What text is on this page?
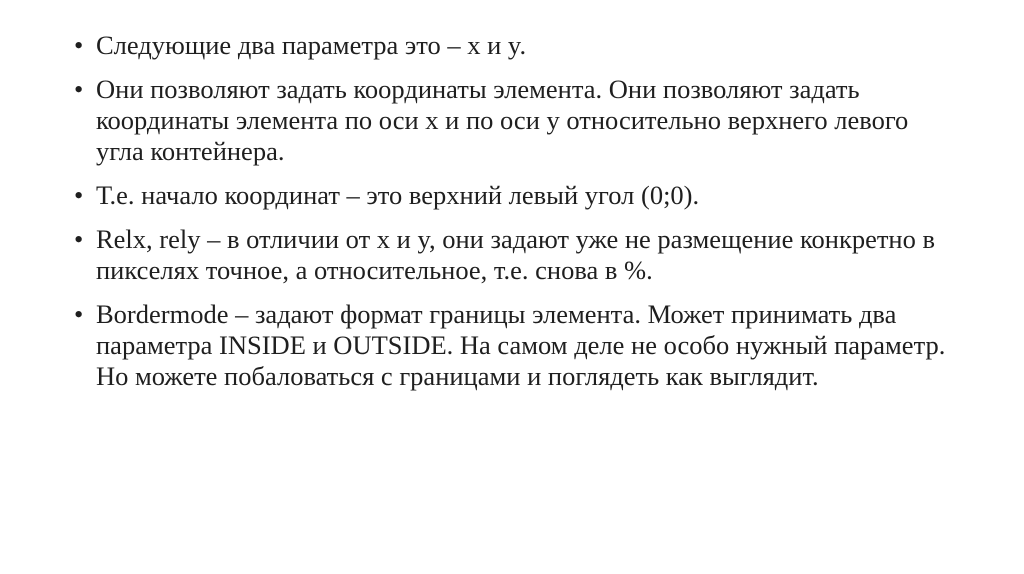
• Следующие два параметра это – x и y.
• Они позволяют задать координаты элемента. Они позволяют задать координаты элемента по оси x и по оси y относительно верхнего левого угла контейнера.
• Т.е. начало координат – это верхний левый угол (0;0).
• Relx, rely – в отличии от x и y, они задают уже не размещение конкретно в пикселях точное, а относительное, т.е. снова в %.
• Bordermode – задают формат границы элемента. Может принимать два параметра INSIDE и OUTSIDE. На самом деле не особо нужный параметр. Но можете побаловаться с границами и поглядеть как выглядит.
